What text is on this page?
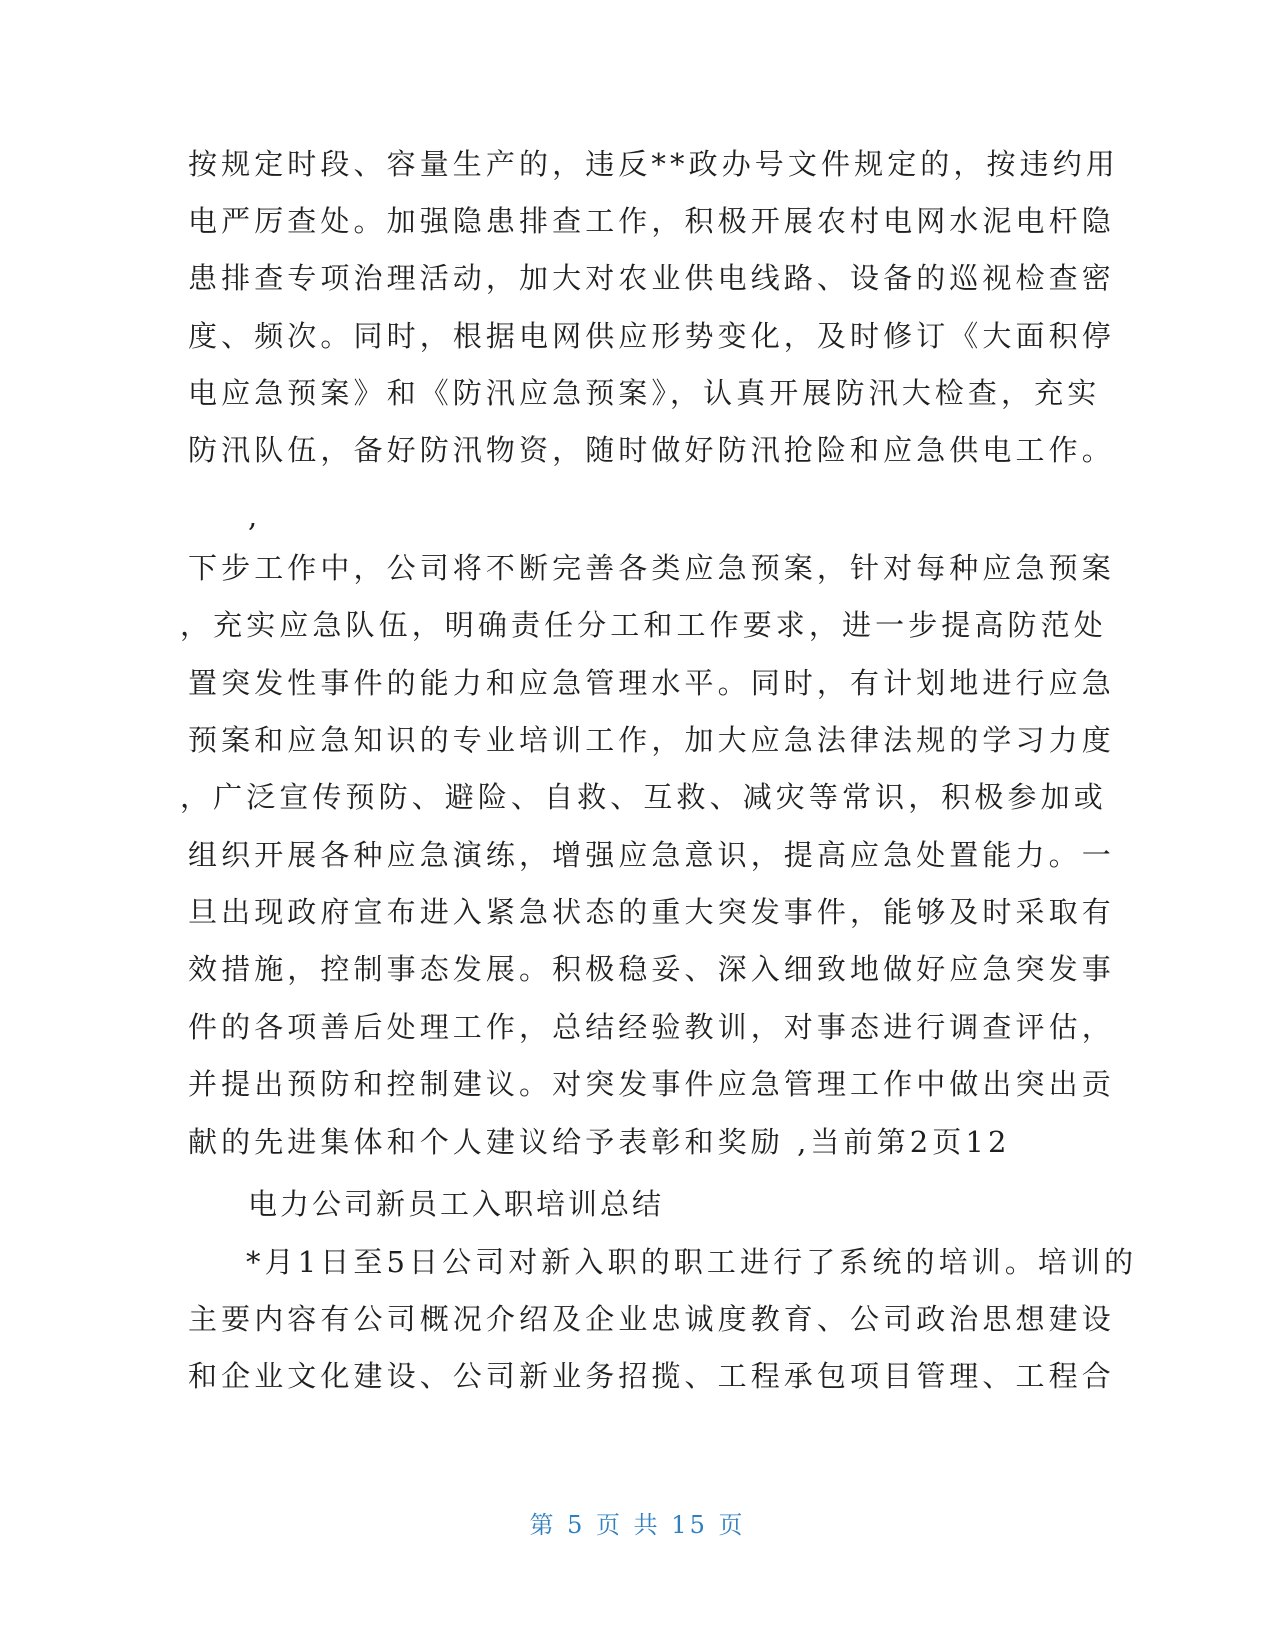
按规定时段、容量生产的，违反**政办号文件规定的，按违约用
电严厉查处。加强隐患排查工作，积极开展农村电网水泥电杆隐
患排查专项治理活动，加大对农业供电线路、设备的巡视检查密
度、频次。同时，根据电网供应形势变化，及时修订《大面积停
电应急预案》和《防汛应急预案》，认真开展防汛大检查，充实
防汛队伍，备好防汛物资，随时做好防汛抢险和应急供电工作。
,
下步工作中，公司将不断完善各类应急预案，针对每种应急预案
，充实应急队伍，明确责任分工和工作要求，进一步提高防范处
置突发性事件的能力和应急管理水平。同时，有计划地进行应急
预案和应急知识的专业培训工作，加大应急法律法规的学习力度
，广泛宣传预防、避险、自救、互救、减灾等常识，积极参加或
组织开展各种应急演练，增强应急意识，提高应急处置能力。一
旦出现政府宣布进入紧急状态的重大突发事件，能够及时采取有
效措施，控制事态发展。积极稳妥、深入细致地做好应急突发事
件的各项善后处理工作，总结经验教训，对事态进行调查评估，
并提出预防和控制建议。对突发事件应急管理工作中做出突出贡
献的先进集体和个人建议给予表彰和奖励 ,当前第2页12
电力公司新员工入职培训总结
*月1日至5日公司对新入职的职工进行了系统的培训。培训的
主要内容有公司概况介绍及企业忠诚度教育、公司政治思想建设
和企业文化建设、公司新业务招揽、工程承包项目管理、工程合
第 5 页 共 15 页
